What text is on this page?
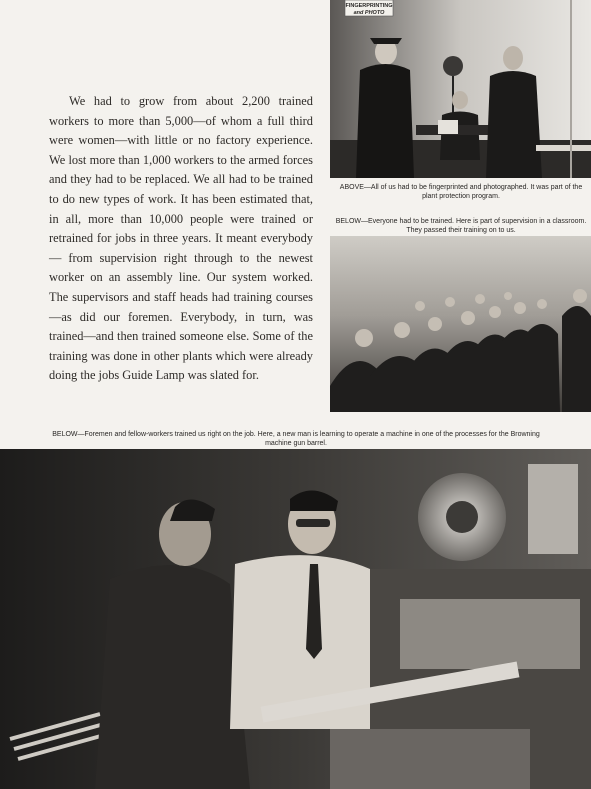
We had to grow from about 2,200 trained workers to more than 5,000—of whom a full third were women—with little or no factory experience. We lost more than 1,000 workers to the armed forces and they had to be replaced. We all had to be trained to do new types of work. It has been estimated that, in all, more than 10,000 people were trained or retrained for jobs in three years. It meant everybody — from supervision right through to the newest worker on an assembly line. Our system worked. The supervisors and staff heads had training courses—as did our foremen. Everybody, in turn, was trained—and then trained someone else. Some of the training was done in other plants which were already doing the jobs Guide Lamp was slated for.

FINGERPRINTING
and PHOTO

ABOVE—All of us had to be fingerprinted and photographed. It was part of the plant protection program.

BELOW—Everyone had to be trained. Here is part of supervision in a classroom. They passed their training on to us.

BELOW—Foremen and fellow-workers trained us right on the job. Here, a new man is learning to operate a machine in one of the processes for the Browning machine gun barrel.
